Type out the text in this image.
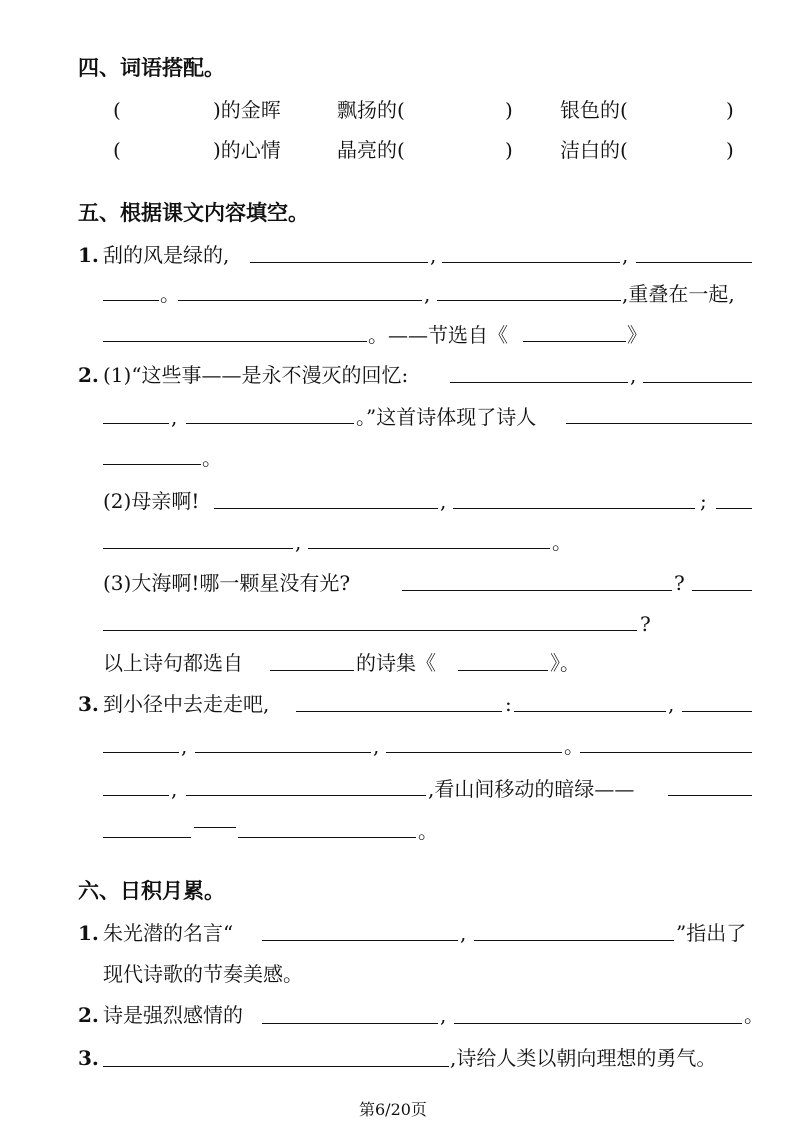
四、词语搭配。
(	)的金晖	飘扬的(	) 银色的(	)
(	)的心情	晶亮的(	) 洁白的(	)
五、根据课文内容填空。
1. 刮的风是绿的,	,	,
。	,	,重叠在一起,
。——节选自《	》
2. (1)“这些事——是永不漫灭的回忆:	,
,	。”这首诗体现了诗人
。
(2)母亲啊!	,	;
,	。
(3)大海啊!哪一颗星没有光?	?
?
以上诗句都选自	的诗集《	》。
3. 到小径中去走走吧,	:	,
,	,	。
,	,看山间移动的暗绿——
。
六、日积月累。
1. 朱光潜的名言“	,	”指出了
现代诗歌的节奏美感。
2. 诗是强烈感情的	,	。
3.	,诗给人类以朝向理想的勇气。
第6/20页
